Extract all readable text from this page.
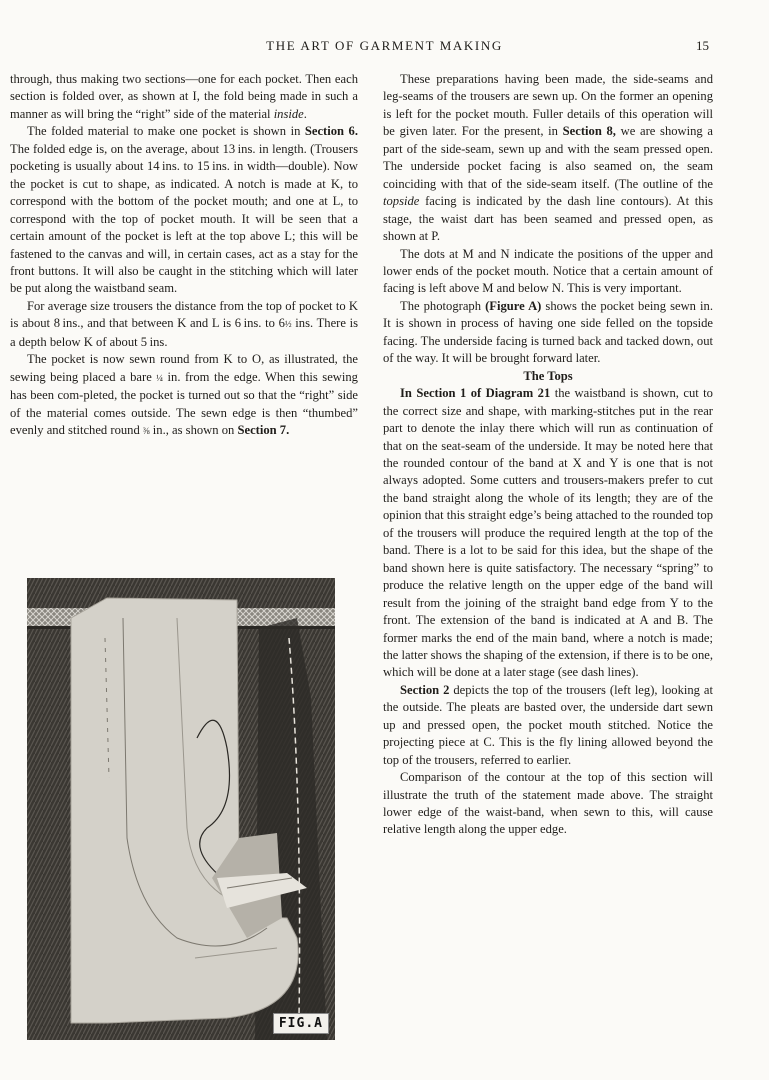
THE ART OF GARMENT MAKING	15

through, thus making two sections—one for each pocket. Then each section is folded over, as shown at I, the fold being made in such a manner as will bring the “right” side of the material inside.

The folded material to make one pocket is shown in Section 6. The folded edge is, on the average, about 13 ins. in length. (Trousers pocketing is usually about 14 ins. to 15 ins. in width—double). Now the pocket is cut to shape, as indicated. A notch is made at K, to correspond with the bottom of the pocket mouth; and one at L, to correspond with the top of pocket mouth. It will be seen that a certain amount of the pocket is left at the top above L; this will be fastened to the canvas and will, in certain cases, act as a stay for the front buttons. It will also be caught in the stitching which will later be put along the waistband seam.

For average size trousers the distance from the top of pocket to K is about 8 ins., and that between K and L is 6 ins. to 6½ ins. There is a depth below K of about 5 ins.

The pocket is now sewn round from K to O, as illustrated, the sewing being placed a bare ¼ in. from the edge. When this sewing has been com-pleted, the pocket is turned out so that the “right” side of the material comes outside. The sewn edge is then “thumbed” evenly and stitched round ⅜ in., as shown on Section 7.

FIG.A

These preparations having been made, the side-seams and leg-seams of the trousers are sewn up. On the former an opening is left for the pocket mouth. Fuller details of this operation will be given later. For the present, in Section 8, we are showing a part of the side-seam, sewn up and with the seam pressed open. The underside pocket facing is also seamed on, the seam coinciding with that of the side-seam itself. (The outline of the topside facing is indicated by the dash line contours). At this stage, the waist dart has been seamed and pressed open, as shown at P.

The dots at M and N indicate the positions of the upper and lower ends of the pocket mouth. Notice that a certain amount of facing is left above M and below N. This is very important.

The photograph (Figure A) shows the pocket being sewn in. It is shown in process of having one side felled on the topside facing. The underside facing is turned back and tacked down, out of the way. It will be brought forward later.

The Tops

In Section 1 of Diagram 21 the waistband is shown, cut to the correct size and shape, with marking-stitches put in the rear part to denote the inlay there which will run as continuation of that on the seat-seam of the underside. It may be noted here that the rounded contour of the band at X and Y is one that is not always adopted. Some cutters and trousers-makers prefer to cut the band straight along the whole of its length; they are of the opinion that this straight edge’s being attached to the rounded top of the trousers will produce the required length at the top of the band. There is a lot to be said for this idea, but the shape of the band shown here is quite satisfactory. The necessary “spring” to produce the relative length on the upper edge of the band will result from the joining of the straight band edge from Y to the front. The extension of the band is indicated at A and B. The former marks the end of the main band, where a notch is made; the latter shows the shaping of the extension, if there is to be one, which will be done at a later stage (see dash lines).

Section 2 depicts the top of the trousers (left leg), looking at the outside. The pleats are basted over, the underside dart sewn up and pressed open, the pocket mouth stitched. Notice the projecting piece at C. This is the fly lining allowed beyond the top of the trousers, referred to earlier.

Comparison of the contour at the top of this section will illustrate the truth of the statement made above. The straight lower edge of the waist-band, when sewn to this, will cause relative length along the upper edge.
